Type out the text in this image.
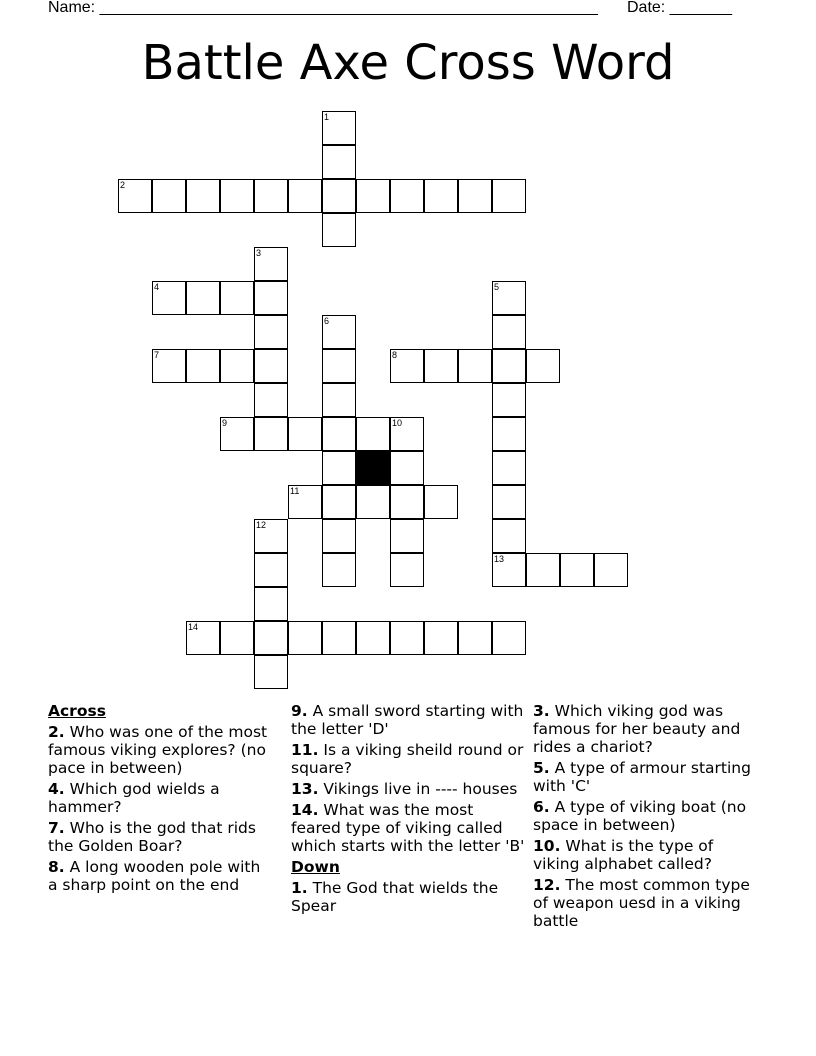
Name: ________________________________________________________ Date: _______
Battle Axe Cross Word
1
2
3
4	5
6
7	8
9	10
11
12
13
14
Across
2. Who was one of the most famous viking explores? (no pace in between)
4. Which god wields a hammer?
7. Who is the god that rids the Golden Boar?
8. A long wooden pole with a sharp point on the end
9. A small sword starting with the letter 'D'
11. Is a viking sheild round or square?
13. Vikings live in ---- houses
14. What was the most feared type of viking called which starts with the letter 'B'
Down
1. The God that wields the Spear
3. Which viking god was famous for her beauty and rides a chariot?
5. A type of armour starting with 'C'
6. A type of viking boat (no space in between)
10. What is the type of viking alphabet called?
12. The most common type of weapon uesd in a viking battle
